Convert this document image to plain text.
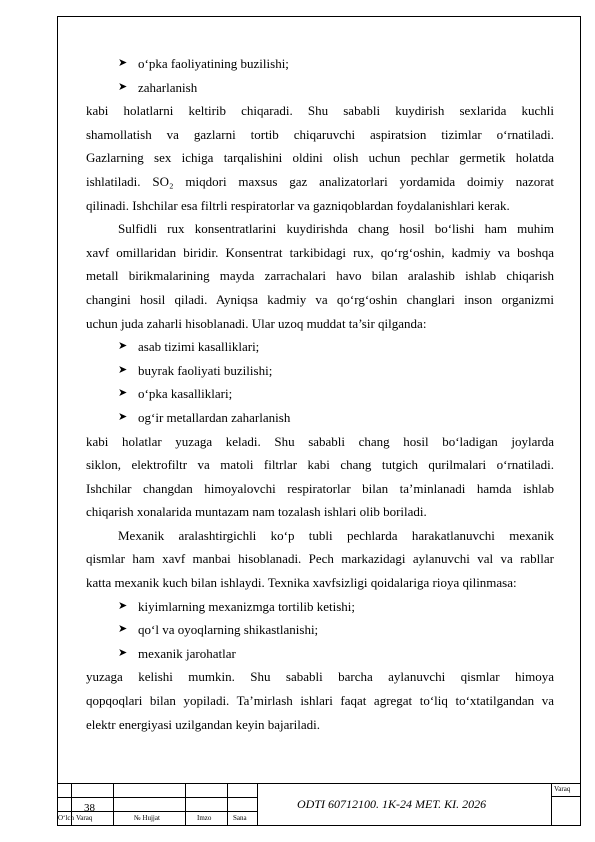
➤ o‘pka faoliyatining buzilishi;
➤ zaharlanish
kabi holatlarni keltirib chiqaradi. Shu sababli kuydirish sexlarida kuchli
shamollatish va gazlarni tortib chiqaruvchi aspiratsion tizimlar o‘rnatiladi.
Gazlarning sex ichiga tarqalishini oldini olish uchun pechlar germetik holatda
ishlatiladi. SO₂ miqdori maxsus gaz analizatorlari yordamida doimiy nazorat
qilinadi. Ishchilar esa filtrli respiratorlar va gazniqoblardan foydalanishlari kerak.
Sulfidli rux konsentratlarini kuydirishda chang hosil bo‘lishi ham muhim
xavf omillaridan biridir. Konsentrat tarkibidagi rux, qo‘rg‘oshin, kadmiy va boshqa
metall birikmalarining mayda zarrachalari havo bilan aralashib ishlab chiqarish
changini hosil qiladi. Ayniqsa kadmiy va qo‘rg‘oshin changlari inson organizmi
uchun juda zaharli hisoblanadi. Ular uzoq muddat ta’sir qilganda:
➤ asab tizimi kasalliklari;
➤ buyrak faoliyati buzilishi;
➤ o‘pka kasalliklari;
➤ og‘ir metallardan zaharlanish
kabi holatlar yuzaga keladi. Shu sababli chang hosil bo‘ladigan joylarda
siklon, elektrofiltr va matoli filtrlar kabi chang tutgich qurilmalari o‘rnatiladi.
Ishchilar changdan himoyalovchi respiratorlar bilan ta’minlanadi hamda ishlab
chiqarish xonalarida muntazam nam tozalash ishlari olib boriladi.
Mexanik aralashtirgichli ko‘p tubli pechlarda harakatlanuvchi mexanik
qismlar ham xavf manbai hisoblanadi. Pech markazidagi aylanuvchi val va rabllar
katta mexanik kuch bilan ishlaydi. Texnika xavfsizligi qoidalariga rioya qilinmasa:
➤ kiyimlarning mexanizmga tortilib ketishi;
➤ qo‘l va oyoqlarning shikastlanishi;
➤ mexanik jarohatlar
yuzaga kelishi mumkin. Shu sababli barcha aylanuvchi qismlar himoya
qopqoqlari bilan yopiladi. Ta’mirlash ishlari faqat agregat to‘liq to‘xtatilgandan va
elektr energiyasi uzilgandan keyin bajariladi.
38	ODTI 60712100. 1K-24 MET. KI. 2026
Varaq
O‘lch Varaq	№ Hujjat	Imzo	Sana
